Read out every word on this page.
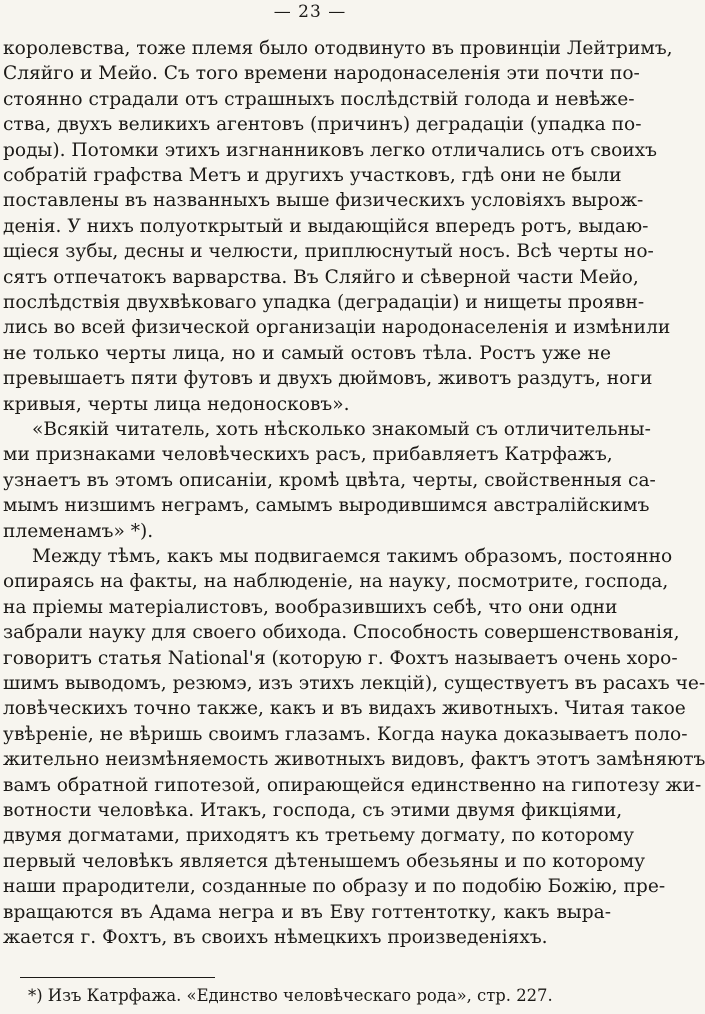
— 23 —
королевства, тоже племя было отодвинуто въ провинціи Лейтримъ,
Сляйго и Мейо. Съ того времени народонаселенія эти почти по-
стоянно страдали отъ страшныхъ послѣдствій голода и невѣже-
ства, двухъ великихъ агентовъ (причинъ) деградаціи (упадка по-
роды). Потомки этихъ изгнанниковъ легко отличались отъ своихъ
собратій графства Метъ и другихъ участковъ, гдѣ они не были
поставлены въ названныхъ выше физическихъ условіяхъ вырож-
денія. У нихъ полуоткрытый и выдающійся впередъ ротъ, выдаю-
щіеся зубы, десны и челюсти, приплюснутый носъ. Всѣ черты но-
сятъ отпечатокъ варварства. Въ Сляйго и сѣверной части Мейо,
послѣдствія двухвѣковаго упадка (деградаціи) и нищеты проявн-
лись во всей физической организаціи народонаселенія и измѣнили
не только черты лица, но и самый остовъ тѣла. Ростъ уже не
превышаетъ пяти футовъ и двухъ дюймовъ, животъ раздутъ, ноги
кривыя, черты лица недоносковъ».
«Всякій читатель, хоть нѣсколько знакомый съ отличительны-
ми признаками человѣческихъ расъ, прибавляетъ Катрфажъ,
узнаетъ въ этомъ описаніи, кромѣ цвѣта, черты, свойственныя са-
мымъ низшимъ неграмъ, самымъ выродившимся австралійскимъ
племенамъ» *).
Между тѣмъ, какъ мы подвигаемся такимъ образомъ, постоянно
опираясь на факты, на наблюденіе, на науку, посмотрите, господа,
на пріемы матеріалистовъ, вообразившихъ себѣ, что они одни
забрали науку для своего обихода. Способность совершенствованія,
говоритъ статья National'я (которую г. Фохтъ называетъ очень хоро-
шимъ выводомъ, резюмэ, изъ этихъ лекцій), существуетъ въ расахъ че-
ловѣческихъ точно также, какъ и въ видахъ животныхъ. Читая такое
увѣреніе, не вѣришь своимъ глазамъ. Когда наука доказываетъ поло-
жительно неизмѣняемость животныхъ видовъ, фактъ этотъ замѣняютъ
вамъ обратной гипотезой, опирающейся единственно на гипотезу жи-
вотности человѣка. Итакъ, господа, съ этими двумя фикціями,
двумя догматами, приходятъ къ третьему догмату, по которому
первый человѣкъ является дѣтенышемъ обезьяны и по которому
наши прародители, созданные по образу и по подобію Божію, пре-
вращаются въ Адама негра и въ Еву готтентотку, какъ выра-
жается г. Фохтъ, въ своихъ нѣмецкихъ произведеніяхъ.
*) Изъ Катрфажа. «Единство человѣческаго рода», стр. 227.
